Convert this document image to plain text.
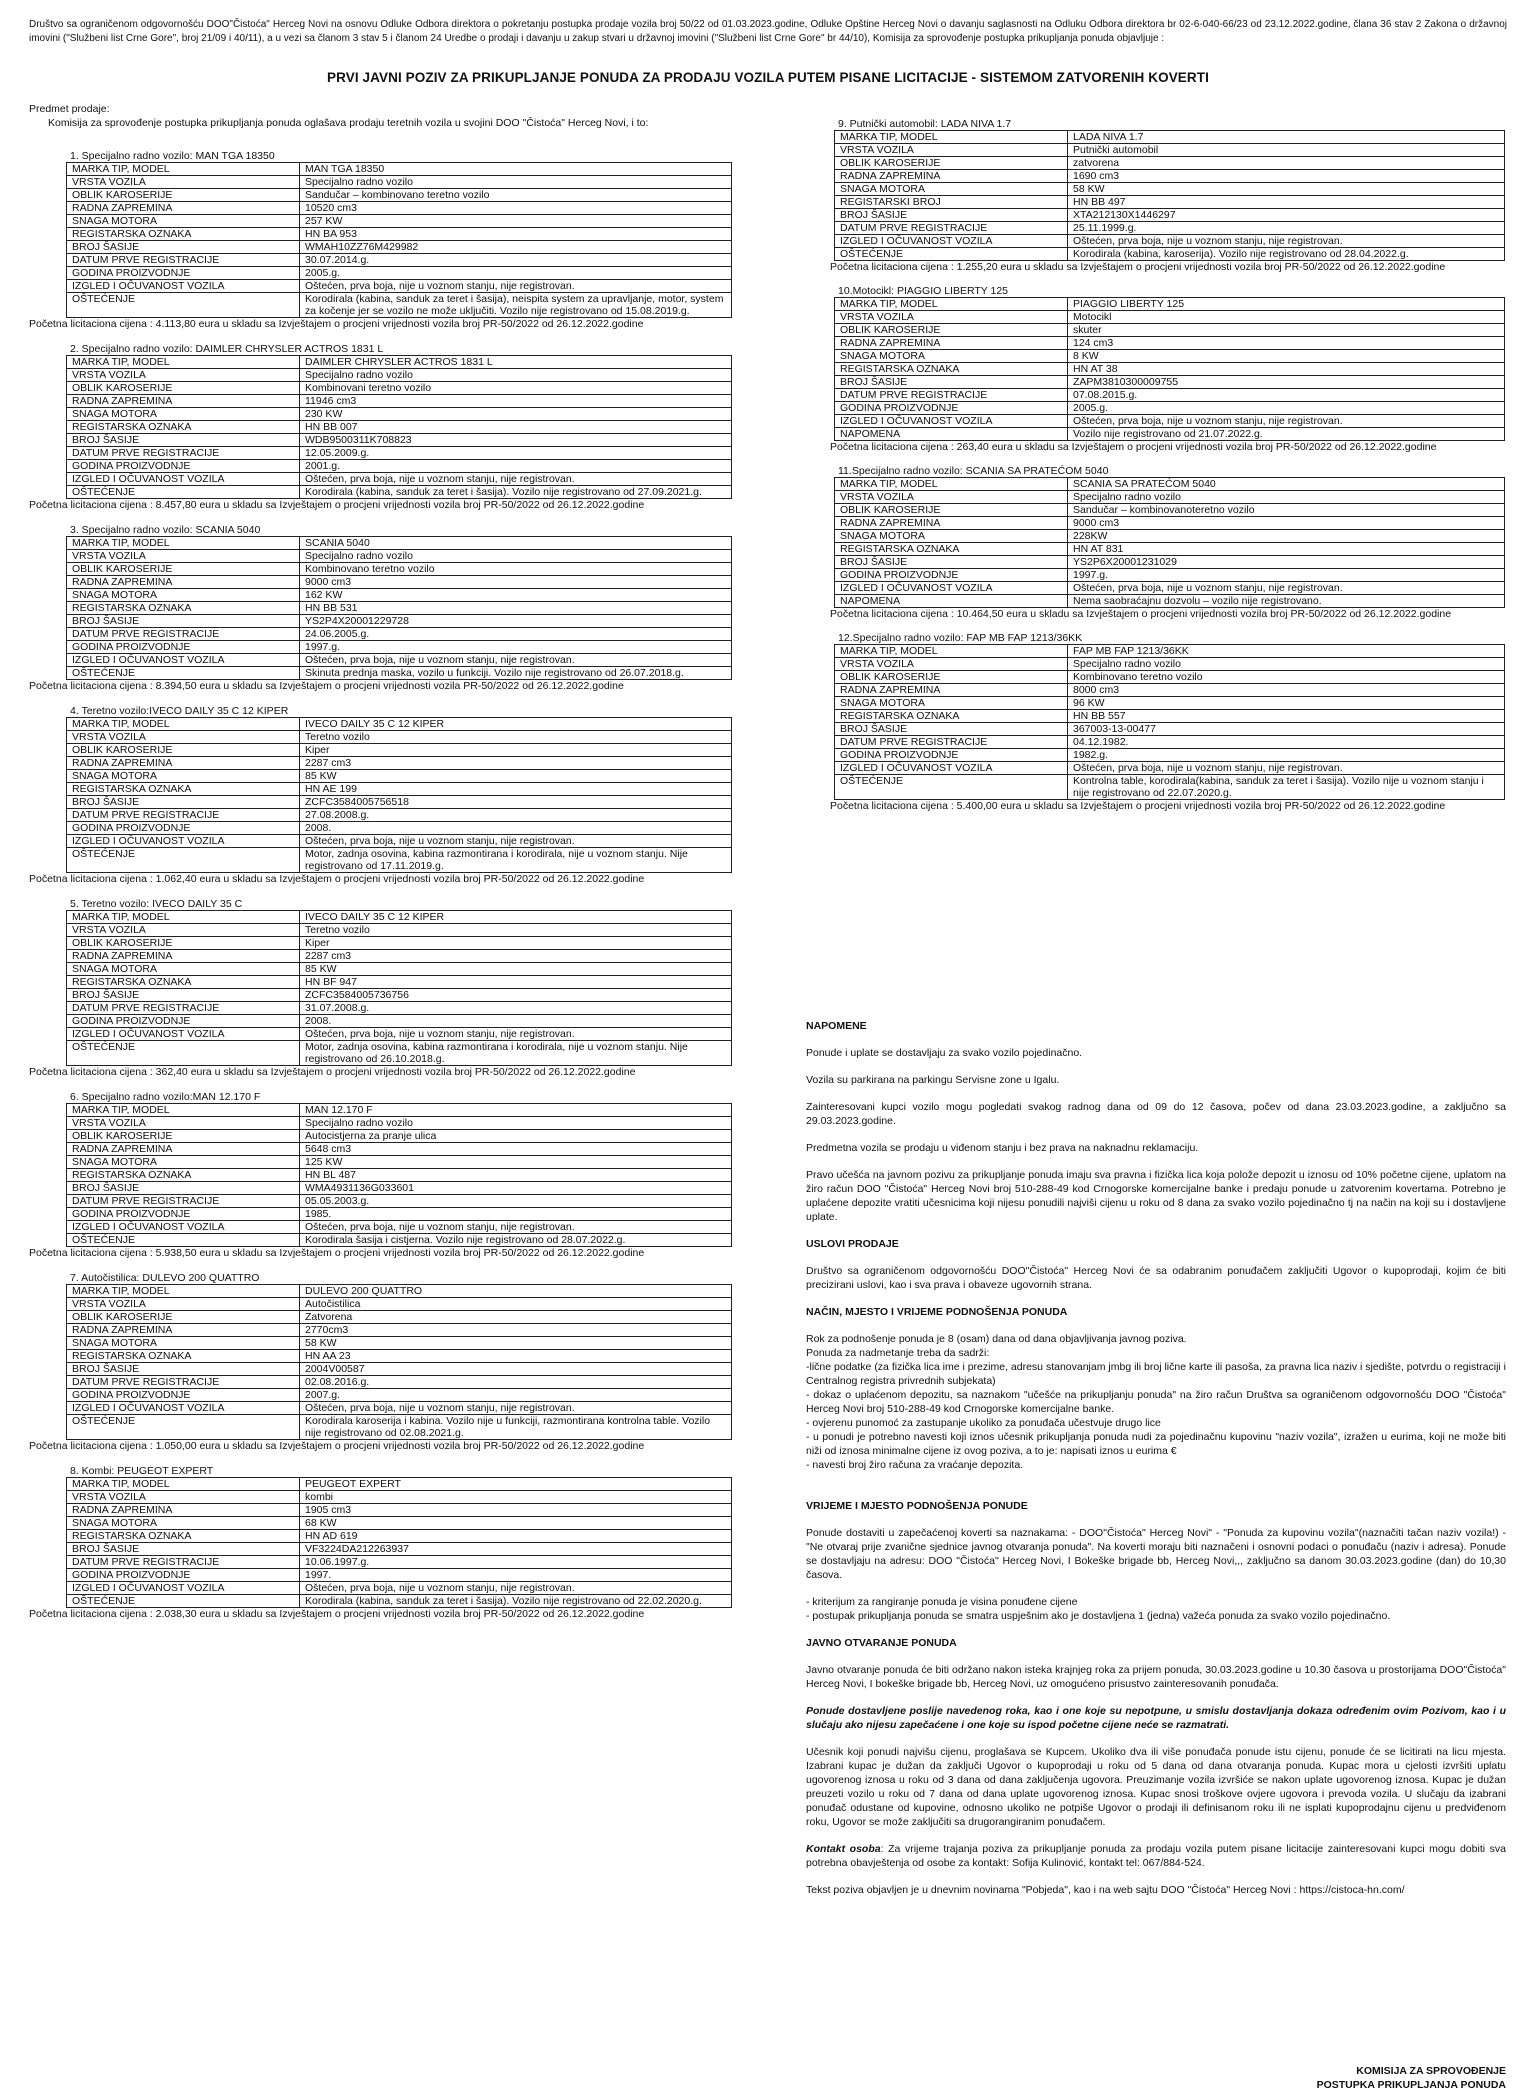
Društvo sa ograničenom odgovornošću DOO"Čistoća" Herceg Novi na osnovu Odluke Odbora direktora o pokretanju postupka prodaje vozila broj 50/22 od 01.03.2023.godine, Odluke Opštine Herceg Novi o davanju saglasnosti na Odluku Odbora direktora br 02-6-040-66/23 od 23.12.2022.godine, člana 36 stav 2 Zakona o državnoj imovini ("Službeni list Crne Gore", broj 21/09 i 40/11), a u vezi sa članom 3 stav 5 i članom 24 Uredbe o prodaji i davanju u zakup stvari u državnoj imovini ("Službeni list Crne Gore" br 44/10), Komisija za sprovođenje postupka prikupljanja ponuda objavljuje :
PRVI JAVNI POZIV ZA PRIKUPLJANJE PONUDA ZA PRODAJU VOZILA PUTEM PISANE LICITACIJE - SISTEMOM ZATVORENIH KOVERTI
Predmet prodaje:
Komisija za sprovođenje postupka prikupljanja ponuda oglašava prodaju teretnih vozila u svojini DOO "Čistoća" Herceg Novi, i to:
1. Specijalno radno vozilo: MAN TGA 18350
MARKA TIP, MODEL	MAN TGA 18350
VRSTA VOZILA	Specijalno radno vozilo
OBLIK KAROSERIJE	Sandučar – kombinovano teretno vozilo
RADNA ZAPREMINA	10520 cm3
SNAGA MOTORA	257 KW
REGISTARSKA OZNAKA	HN BA 953
BROJ ŠASIJE	WMAH10ZZ76M429982
DATUM PRVE REGISTRACIJE	30.07.2014.g.
GODINA PROIZVODNJE	2005.g.
IZGLED I OČUVANOST VOZILA	Oštećen, prva boja, nije u voznom stanju, nije registrovan.
OŠTEĆENJE	Korodirala (kabina, sanduk za teret i šasija), neispita system za upravljanje, motor, system za kočenje jer se vozilo ne može uključiti. Vozilo nije registrovano od 15.08.2019.g.
Početna licitaciona cijena : 4.113,80 eura u skladu sa Izvještajem o procjeni vrijednosti vozila broj PR-50/2022 od 26.12.2022.godine
2. Specijalno radno vozilo: DAIMLER CHRYSLER ACTROS 1831 L
MARKA TIP, MODEL	DAIMLER CHRYSLER ACTROS 1831 L
VRSTA VOZILA	Specijalno radno vozilo
OBLIK KAROSERIJE	Kombinovani teretno vozilo
RADNA ZAPREMINA	11946 cm3
SNAGA MOTORA	230 KW
REGISTARSKA OZNAKA	HN BB 007
BROJ ŠASIJE	WDB9500311K708823
DATUM PRVE REGISTRACIJE	12.05.2009.g.
GODINA PROIZVODNJE	2001.g.
IZGLED I OČUVANOST VOZILA	Oštećen, prva boja, nije u voznom stanju, nije registrovan.
OŠTEĆENJE	Korodirala (kabina, sanduk za teret i šasija). Vozilo nije registrovano od 27.09.2021.g.
Početna licitaciona cijena : 8.457,80 eura u skladu sa Izvještajem o procjeni vrijednosti vozila broj PR-50/2022 od 26.12.2022.godine
3. Specijalno radno vozilo: SCANIA 5040
MARKA TIP, MODEL	SCANIA 5040
VRSTA VOZILA	Specijalno radno vozilo
OBLIK KAROSERIJE	Kombinovano teretno vozilo
RADNA ZAPREMINA	9000 cm3
SNAGA MOTORA	162 KW
REGISTARSKA OZNAKA	HN BB 531
BROJ ŠASIJE	YS2P4X20001229728
DATUM PRVE REGISTRACIJE	24.06.2005.g.
GODINA PROIZVODNJE	1997.g.
IZGLED I OČUVANOST VOZILA	Oštećen, prva boja, nije u voznom stanju, nije registrovan.
OŠTEĆENJE	Skinuta prednja maska, vozilo u funkciji. Vozilo nije registrovano od 26.07.2018.g.
Početna licitaciona cijena : 8.394,50 eura u skladu sa Izvještajem o procjeni vrijednosti vozila PR-50/2022 od 26.12.2022.godine
4. Teretno vozilo:IVECO DAILY 35 C 12 KIPER
MARKA TIP, MODEL	IVECO DAILY 35 C 12 KIPER
VRSTA VOZILA	Teretno vozilo
OBLIK KAROSERIJE	Kiper
RADNA ZAPREMINA	2287 cm3
SNAGA MOTORA	85 KW
REGISTARSKA OZNAKA	HN AE 199
BROJ ŠASIJE	ZCFC3584005756518
DATUM PRVE REGISTRACIJE	27.08.2008.g.
GODINA PROIZVODNJE	2008.
IZGLED I OČUVANOST VOZILA	Oštećen, prva boja, nije u voznom stanju, nije registrovan.
OŠTEĆENJE	Motor, zadnja osovina, kabina razmontirana i korodirala, nije u voznom stanju. Nije registrovano od 17.11.2019.g.
Početna licitaciona cijena : 1.062,40 eura u skladu sa Izvještajem o procjeni vrijednosti vozila broj PR-50/2022 od 26.12.2022.godine
5. Teretno vozilo: IVECO DAILY 35 C
MARKA TIP, MODEL	IVECO DAILY 35 C 12 KIPER
VRSTA VOZILA	Teretno vozilo
OBLIK KAROSERIJE	Kiper
RADNA ZAPREMINA	2287 cm3
SNAGA MOTORA	85 KW
REGISTARSKA OZNAKA	HN BF 947
BROJ ŠASIJE	ZCFC3584005736756
DATUM PRVE REGISTRACIJE	31.07.2008.g.
GODINA PROIZVODNJE	2008.
IZGLED I OČUVANOST VOZILA	Oštećen, prva boja, nije u voznom stanju, nije registrovan.
OŠTEĆENJE	Motor, zadnja osovina, kabina razmontirana i korodirala, nije u voznom stanju. Nije registrovano od 26.10.2018.g.
Početna licitaciona cijena : 362,40 eura u skladu sa Izvještajem o procjeni vrijednosti vozila broj PR-50/2022 od 26.12.2022.godine
6. Specijalno radno vozilo:MAN 12.170 F
MARKA TIP, MODEL	MAN 12.170 F
VRSTA VOZILA	Specijalno radno vozilo
OBLIK KAROSERIJE	Autocistjerna za pranje ulica
RADNA ZAPREMINA	5648 cm3
SNAGA MOTORA	125 KW
REGISTARSKA OZNAKA	HN BL 487
BROJ ŠASIJE	WMA4931136G033601
DATUM PRVE REGISTRACIJE	05.05.2003.g.
GODINA PROIZVODNJE	1985.
IZGLED I OČUVANOST VOZILA	Oštećen, prva boja, nije u voznom stanju, nije registrovan.
OŠTEĆENJE	Korodirala šasija i cistjerna. Vozilo nije registrovano od 28.07.2022.g.
Početna licitaciona cijena : 5.938,50 eura u skladu sa Izvještajem o procjeni vrijednosti vozila broj PR-50/2022 od 26.12.2022.godine
7. Autočistilica: DULEVO 200 QUATTRO
MARKA TIP, MODEL	DULEVO 200 QUATTRO
VRSTA VOZILA	Autočistilica
OBLIK KAROSERIJE	Zatvorena
RADNA ZAPREMINA	2770cm3
SNAGA MOTORA	58 KW
REGISTARSKA OZNAKA	HN AA 23
BROJ ŠASIJE	2004V00587
DATUM PRVE REGISTRACIJE	02.08.2016.g.
GODINA PROIZVODNJE	2007.g.
IZGLED I OČUVANOST VOZILA	Oštećen, prva boja, nije u voznom stanju, nije registrovan.
OŠTEĆENJE	Korodirala karoserija i kabina. Vozilo nije u funkciji, razmontirana kontrolna table. Vozilo nije registrovano od 02.08.2021.g.
Početna licitaciona cijena : 1.050,00 eura u skladu sa Izvještajem o procjeni vrijednosti vozila broj PR-50/2022 od 26.12.2022.godine
8. Kombi: PEUGEOT EXPERT
MARKA TIP, MODEL	PEUGEOT EXPERT
VRSTA VOZILA	kombi
RADNA ZAPREMINA	1905 cm3
SNAGA MOTORA	68 KW
REGISTARSKA OZNAKA	HN AD 619
BROJ ŠASIJE	VF3224DA212263937
DATUM PRVE REGISTRACIJE	10.06.1997.g.
GODINA PROIZVODNJE	1997.
IZGLED I OČUVANOST VOZILA	Oštećen, prva boja, nije u voznom stanju, nije registrovan.
OŠTEĆENJE	Korodirala (kabina, sanduk za teret i šasija). Vozilo nije registrovano od 22.02.2020.g.
Početna licitaciona cijena : 2.038,30 eura u skladu sa Izvještajem o procjeni vrijednosti vozila broj PR-50/2022 od 26.12.2022.godine
9. Putnički automobil: LADA NIVA 1.7
MARKA TIP, MODEL	LADA NIVA 1.7
VRSTA VOZILA	Putnički automobil
OBLIK KAROSERIJE	zatvorena
RADNA ZAPREMINA	1690 cm3
SNAGA MOTORA	58 KW
REGISTARSKI BROJ	HN BB 497
BROJ ŠASIJE	XTA212130X1446297
DATUM PRVE REGISTRACIJE	25.11.1999.g.
IZGLED I OČUVANOST VOZILA	Oštećen, prva boja, nije u voznom stanju, nije registrovan.
OŠTEĆENJE	Korodirala (kabina, karoserija). Vozilo nije registrovano od 28.04.2022.g.
Početna licitaciona cijena : 1.255,20 eura u skladu sa Izvještajem o procjeni vrijednosti vozila broj PR-50/2022 od 26.12.2022.godine
10.Motocikl: PIAGGIO LIBERTY 125
MARKA TIP, MODEL	PIAGGIO LIBERTY 125
VRSTA VOZILA	Motocikl
OBLIK KAROSERIJE	skuter
RADNA ZAPREMINA	124 cm3
SNAGA MOTORA	8 KW
REGISTARSKA OZNAKA	HN AT 38
BROJ ŠASIJE	ZAPM3810300009755
DATUM PRVE REGISTRACIJE	07.08.2015.g.
GODINA PROIZVODNJE	2005.g.
IZGLED I OČUVANOST VOZILA	Oštećen, prva boja, nije u voznom stanju, nije registrovan.
NAPOMENA	Vozilo nije registrovano od 21.07.2022.g.
Početna licitaciona cijena : 263,40 eura u skladu sa Izvještajem o procjeni vrijednosti vozila broj PR-50/2022 od 26.12.2022.godine
11.Specijalno radno vozilo: SCANIA SA PRATEĆOM 5040
MARKA TIP, MODEL	SCANIA SA PRATEĆOM 5040
VRSTA VOZILA	Specijalno radno vozilo
OBLIK KAROSERIJE	Sandučar – kombinovanoteretno vozilo
RADNA ZAPREMINA	9000 cm3
SNAGA MOTORA	228KW
REGISTARSKA OZNAKA	HN AT 831
BROJ ŠASIJE	YS2P6X20001231029
GODINA PROIZVODNJE	1997.g.
IZGLED I OČUVANOST VOZILA	Oštećen, prva boja, nije u voznom stanju, nije registrovan.
NAPOMENA	Nema saobraćajnu dozvolu – vozilo nije registrovano.
Početna licitaciona cijena : 10.464,50 eura u skladu sa Izvještajem o procjeni vrijednosti vozila broj PR-50/2022 od 26.12.2022.godine
12.Specijalno radno vozilo: FAP MB FAP 1213/36KK
MARKA TIP, MODEL	FAP MB FAP 1213/36KK
VRSTA VOZILA	Specijalno radno vozilo
OBLIK KAROSERIJE	Kombinovano teretno vozilo
RADNA ZAPREMINA	8000 cm3
SNAGA MOTORA	96 KW
REGISTARSKA OZNAKA	HN BB 557
BROJ ŠASIJE	367003-13-00477
DATUM PRVE REGISTRACIJE	04.12.1982.
GODINA PROIZVODNJE	1982.g.
IZGLED I OČUVANOST VOZILA	Oštećen, prva boja, nije u voznom stanju, nije registrovan.
OŠTEĆENJE	Kontrolna table, korodirala(kabina, sanduk za teret i šasija). Vozilo nije u voznom stanju i nije registrovano od 22.07.2020.g.
Početna licitaciona cijena : 5.400,00 eura u skladu sa Izvještajem o procjeni vrijednosti vozila broj PR-50/2022 od 26.12.2022.godine
NAPOMENE

Ponude i uplate se dostavljaju za svako vozilo pojedinačno.

Vozila su parkirana na parkingu Servisne zone u Igalu.

Zainteresovani kupci vozilo mogu pogledati svakog radnog dana od 09 do 12 časova, počev od dana 23.03.2023.godine, a zaključno sa 29.03.2023.godine.

Predmetna vozila se prodaju u viđenom stanju i bez prava na naknadnu reklamaciju.

Pravo učešća na javnom pozivu za prikupljanje ponuda imaju sva pravna i fizička lica koja polože depozit u iznosu od 10% početne cijene, uplatom na žiro račun DOO "Čistoća" Herceg Novi broj 510-288-49 kod Crnogorske komercijalne banke i predaju ponude u zatvorenim kovertama. Potrebno je uplaćene depozite vratiti učesnicima koji nijesu ponudili najviši cijenu u roku od 8 dana za svako vozilo pojedinačno tj na način na koji su i dostavljene uplate.

USLOVI PRODAJE

Društvo sa ograničenom odgovornošću DOO"Čistoća" Herceg Novi će sa odabranim ponuđačem zaključiti Ugovor o kupoprodaji, kojim će biti precizirani uslovi, kao i sva prava i obaveze ugovornih strana.

NAČIN, MJESTO I VRIJEME PODNOŠENJA PONUDA
Rok za podnošenje ponuda je 8 (osam) dana od dana objavljivanja javnog poziva.
Ponuda za nadmetanje treba da sadrži:
-lične podatke (za fizička lica ime i prezime, adresu stanovanjam jmbg ili broj lične karte ili pasoša, za pravna lica naziv i sjedište, potvrdu o registraciji i Centralnog registra privrednih subjekata)
- dokaz o uplaćenom depozitu, sa naznakom "učešće na prikupljanju ponuda" na žiro račun Društva sa ograničenom odgovornošću DOO "Čistoća" Herceg Novi broj 510-288-49 kod Crnogorske komercijalne banke.
- ovjerenu punomoć za zastupanje ukoliko za ponuđača učestvuje drugo lice
- u ponudi je potrebno navesti koji iznos učesnik prikupljanja ponuda nudi za pojedinačnu kupovinu "naziv vozila", izražen u eurima, koji ne može biti niži od iznosa minimalne cijene iz ovog poziva, a to je: napisati iznos u eurima €

- navesti broj žiro računa za vraćanje depozita.

VRIJEME I MJESTO PODNOŠENJA PONUDE

Ponude dostaviti u zapečaćenoj koverti sa naznakama: - DOO"Čistoća" Herceg Novi" - "Ponuda za kupovinu vozila"(naznačiti tačan naziv vozila!) - "Ne otvaraj prije zvanične sjednice javnog otvaranja ponuda". Na koverti moraju biti naznačeni i osnovni podaci o ponuđaču (naziv i adresa). Ponude se dostavljaju na adresu: DOO "Čistoća" Herceg Novi, I Bokeške brigade bb, Herceg Novi,,, zaključno sa danom 30.03.2023.godine (dan) do 10,30 časova.

- kriterijum za rangiranje ponuda je visina ponuđene cijene

- postupak prikupljanja ponuda se smatra uspješnim ako je dostavljena 1 (jedna) važeća ponuda za svako vozilo pojedinačno.

JAVNO OTVARANJE PONUDA

Javno otvaranje ponuda će biti održano nakon isteka krajnjeg roka za prijem ponuda, 30.03.2023.godine u 10.30 časova u prostorijama DOO"Čistoća" Herceg Novi, I bokeške brigade bb, Herceg Novi, uz omogućeno prisustvo zainteresovanih ponuđača.

Ponude dostavljene poslije navedenog roka, kao i one koje su nepotpune, u smislu dostavljanja dokaza određenim ovim Pozivom, kao i u slučaju ako nijesu zapečaćene i one koje su ispod početne cijene neće se razmatrati.

Učesnik koji ponudi najvišu cijenu, proglašava se Kupcem. Ukoliko dva ili više ponuđača ponude istu cijenu, ponude će se licitirati na licu mjesta. Izabrani kupac je dužan da zaključi Ugovor o kupoprodaji u roku od 5 dana od dana otvaranja ponuda. Kupac mora u cjelosti izvršiti uplatu ugovorenog iznosa u roku od 3 dana od dana zaključenja ugovora. Preuzimanje vozila izvršiće se nakon uplate ugovorenog iznosa. Kupac je dužan preuzeti vozilo u roku od 7 dana od dana uplate ugovorenog iznosa. Kupac snosi troškove ovjere ugovora i prevoda vozila. U slučaju da izabrani ponuđač odustane od kupovine, odnosno ukoliko ne potpiše Ugovor o prodaji ili definisanom roku ili ne isplati kupoprodajnu cijenu u predviđenom roku, Ugovor se može zaključiti sa drugorangiranim ponuđačem.

Kontakt osoba: Za vrijeme trajanja poziva za prikupljanje ponuda za prodaju vozila putem pisane licitacije zainteresovani kupci mogu dobiti sva potrebna obavještenja od osobe za kontakt: Sofija Kulinović, kontakt tel: 067/884-524.

Tekst poziva objavljen je u dnevnim novinama "Pobjeda", kao i na web sajtu DOO "Čistoća" Herceg Novi : https://cistoca-hn.com/

KOMISIJA ZA SPROVOĐENJE
POSTUPKA PRIKUPLJANJA PONUDA
